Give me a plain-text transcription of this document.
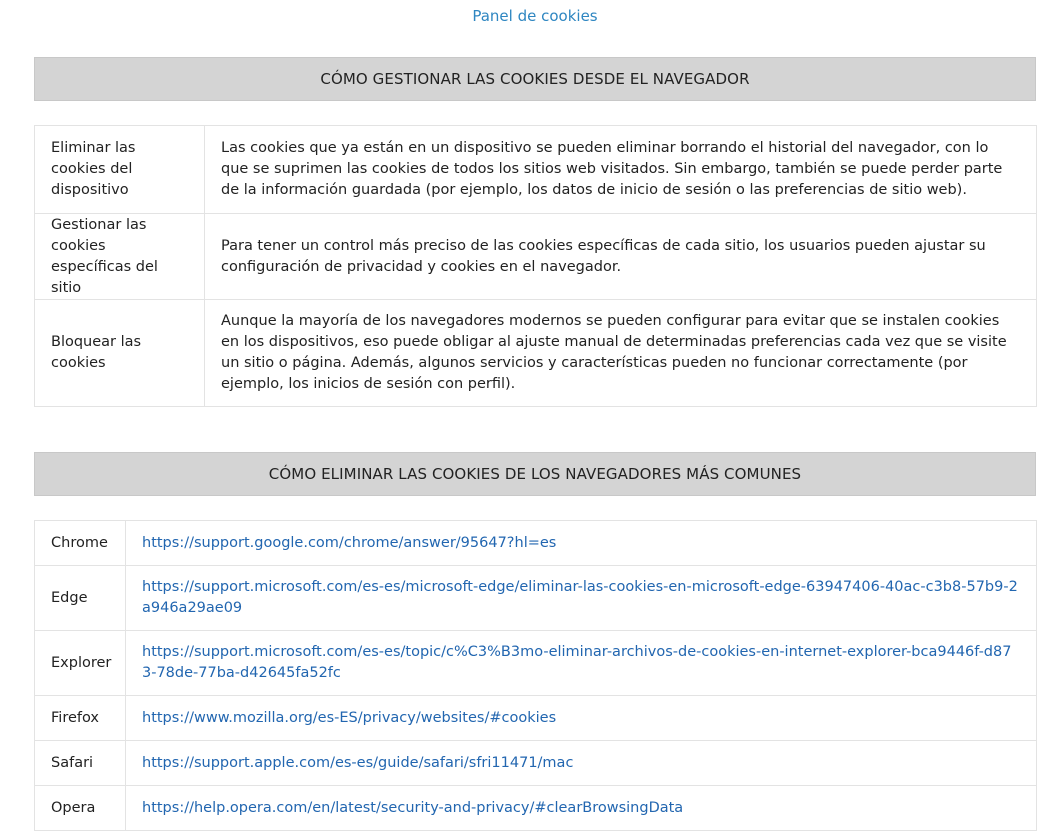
Panel de cookies
CÓMO GESTIONAR LAS COOKIES DESDE EL NAVEGADOR
Eliminar las cookies del dispositivo	Las cookies que ya están en un dispositivo se pueden eliminar borrando el historial del navegador, con lo que se suprimen las cookies de todos los sitios web visitados. Sin embargo, también se puede perder parte de la información guardada (por ejemplo, los datos de inicio de sesión o las preferencias de sitio web).
Gestionar las cookies específicas del sitio	Para tener un control más preciso de las cookies específicas de cada sitio, los usuarios pueden ajustar su configuración de privacidad y cookies en el navegador.
Bloquear las cookies	Aunque la mayoría de los navegadores modernos se pueden configurar para evitar que se instalen cookies en los dispositivos, eso puede obligar al ajuste manual de determinadas preferencias cada vez que se visite un sitio o página. Además, algunos servicios y características pueden no funcionar correctamente (por ejemplo, los inicios de sesión con perfil).
CÓMO ELIMINAR LAS COOKIES DE LOS NAVEGADORES MÁS COMUNES
Chrome	https://support.google.com/chrome/answer/95647?hl=es
Edge	https://support.microsoft.com/es-es/microsoft-edge/eliminar-las-cookies-en-microsoft-edge-63947406-40ac-c3b8-57b9-2a946a29ae09
Explorer	https://support.microsoft.com/es-es/topic/c%C3%B3mo-eliminar-archivos-de-cookies-en-internet-explorer-bca9446f-d873-78de-77ba-d42645fa52fc
Firefox	https://www.mozilla.org/es-ES/privacy/websites/#cookies
Safari	https://support.apple.com/es-es/guide/safari/sfri11471/mac
Opera	https://help.opera.com/en/latest/security-and-privacy/#clearBrowsingData
